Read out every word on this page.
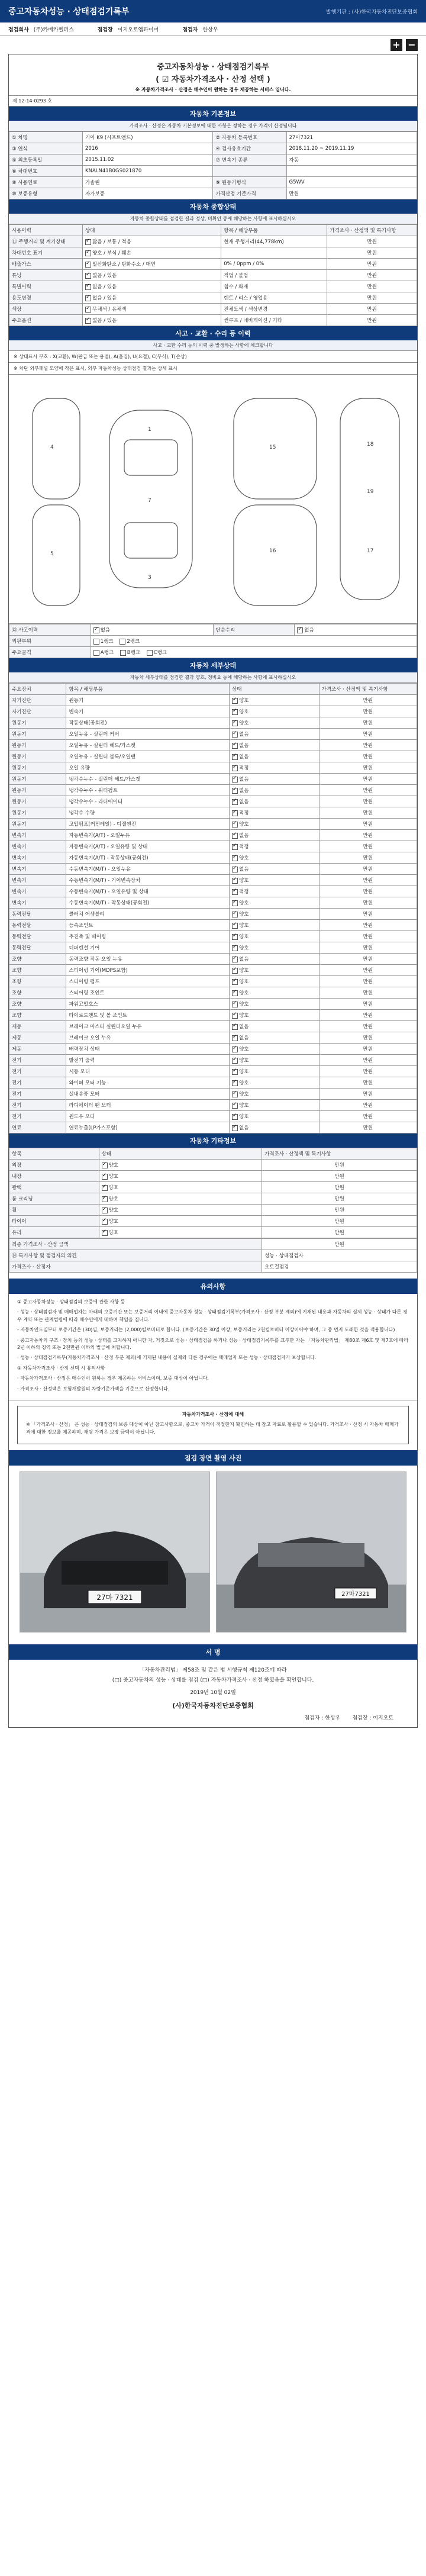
중고자동차성능 · 상태점검기록부	발행기관 : (사)한국자동차진단보증협회
점검회사 (주)카베카헬퍼스	점검장 이지오토엠파이어	점검자 한상우
+ −
중고자동차성능 · 상태점검기록부
( ☑ 자동차가격조사 · 산정 선택 )
※ 자동차가격조사 · 산정은 매수인이 원하는 경우 제공하는 서비스 입니다.
제 12-14-0293 호
자동차 기본정보
가격조사 · 산정은 자동차 기본정보에 대한 사항은 정하는 경우 가격이 산정됨니다
① 차명	기아 K9 (시프트앤드)	② 자동차 등록번호	27마7321
③ 연식	2016	④ 검사유효기간	2018.11.20 ~ 2019.11.19
⑤ 최초등록일	2015.11.02	⑦ 변속기 종류	자동
⑥ 차대번호	KNALN41B0GS021870		
⑧ 사용연료	가솔린	⑨ 원동기형식	G5WV
⑩ 보증유형	자가보증	가격산정 기준가격	만원
자동차 종합상태
자동차 종합상태를 점검한 결과 정상, 미확인 등에 해당하는 사항에 표시하십시오
사용이력	상태	항목 / 해당부품	가격조사 · 산정액 및 특기사항
⑪ 주행거리 및 계기상태	✓많음 / 보통 / 적음	현재 주행거리(44,778km)	만원
차대번호 표기	✓양호 / 부식 / 훼손		만원
배출가스	✓일산화탄소 / 탄화수소 / 매연	0% / 0ppm / 0%	만원
튜닝	✓없음 / 있음	적법 / 불법	만원
특별이력	✓없음 / 있음	침수 / 화재	만원
용도변경	✓없음 / 있음	렌트 / 리스 / 영업용	만원
색상	✓무채색 / 유채색	전체도색 / 색상변경	만원
주요옵션	✓없음 / 있음	썬루프 / 네비게이션 / 기타	만원
사고 · 교환 · 수리 등 이력
사고 · 교환 수리 등의 이력 중 발생하는 사항에 체크합니다
※ 상태표시 부호 : X(교환), W(판금 또는 용접), A(흠집), U(요철), C(부식), T(손상)
※ 차단 외부패널 모양에 작은 표시, 외부 자동차성능 상태점검 결과는 상세 표시
1
7
3
15
16
18
19
17
4
5
⑫ 사고이력	✓없음	단순수리	✓없음
외판부위	1랭크 2랭크		
주요골격	A랭크 B랭크 C랭크		
자동차 세부상태
자동차 세부상태를 점검한 결과 양호, 정비요 등에 해당하는 사항에 표시하십시오
주요장치	항목 / 해당부품	상태	가격조사 · 산정액 및 특기사항
자기진단	원동기	✓양호	만원
자기진단	변속기	✓양호	만원
원동기	작동상태(공회전)	✓양호	만원
원동기	오일누유 - 실린더 커버	✓없음	만원
원동기	오일누유 - 실린더 헤드/가스켓	✓없음	만원
원동기	오일누유 - 실린더 블록/오일팬	✓없음	만원
원동기	오일 유량	✓적정	만원
원동기	냉각수누수 - 실린더 헤드/가스켓	✓없음	만원
원동기	냉각수누수 - 워터펌프	✓없음	만원
원동기	냉각수누수 - 라디에이터	✓없음	만원
원동기	냉각수 수량	✓적정	만원
원동기	고압펌프(커먼레일) - 디젤엔진	✓양호	만원
변속기	자동변속기(A/T) - 오일누유	✓없음	만원
변속기	자동변속기(A/T) - 오일유량 및 상태	✓적정	만원
변속기	자동변속기(A/T) - 작동상태(공회전)	✓양호	만원
변속기	수동변속기(M/T) - 오일누유	✓없음	만원
변속기	수동변속기(M/T) - 기어변속장치	✓양호	만원
변속기	수동변속기(M/T) - 오일유량 및 상태	✓적정	만원
변속기	수동변속기(M/T) - 작동상태(공회전)	✓양호	만원
동력전달	클러치 어셈블리	✓양호	만원
동력전달	등속조인트	✓양호	만원
동력전달	추진축 및 베어링	✓양호	만원
동력전달	디퍼렌셜 기어	✓양호	만원
조향	동력조향 작동 오일 누유	✓없음	만원
조향	스티어링 기어(MDPS포함)	✓양호	만원
조향	스티어링 펌프	✓양호	만원
조향	스티어링 조인트	✓양호	만원
조향	파워고압호스	✓양호	만원
조향	타이로드엔드 및 볼 조인트	✓양호	만원
제동	브레이크 마스터 실린더오일 누유	✓없음	만원
제동	브레이크 오일 누유	✓없음	만원
제동	배력장치 상태	✓양호	만원
전기	발전기 출력	✓양호	만원
전기	시동 모터	✓양호	만원
전기	와이퍼 모터 기능	✓양호	만원
전기	실내송풍 모터	✓양호	만원
전기	라디에이터 팬 모터	✓양호	만원
전기	윈도우 모터	✓양호	만원
연료	연료누출(LP가스포함)	✓없음	만원
자동차 기타정보
항목	상태	가격조사 · 산정액 및 특기사항
외장	✓양호	만원
내장	✓양호	만원
광택	✓양호	만원
룸 크리닝	✓양호	만원
휠	✓양호	만원
타이어	✓양호	만원
유리	✓양호	만원
최종 가격조사 · 산정 금액	만원
⑭ 특기사항 및 점검자의 의견	성능 · 상태점검자
가격조사 · 산정자	오토걸점검
유의사항

① 중고자동차성능 · 상태점검의 보증에 관한 사항 등

· 성능 · 상태점검자 및 매매업자는 아래의 보증기간 또는 보증거리 이내에 중고자동차 성능 · 상태점검기록부(가격조사 · 산정 부분 제외)에 기재된 내용과 자동차의 실제 성능 · 상태가 다른 경우 계약 또는 관계법령에 따라 매수인에게 대하여 책임을 집니다.

- 자동차인도일부터 보증기간은 (30)일, 보증거리는 (2,000)킬로미터로 합니다. (보증기간은 30일 이상, 보증거리는 2천킬로미터 이상이어야 하며, 그 중 먼저 도래한 것을 적용합니다)

· 중고자동차의 구조 · 장치 등의 성능 · 상태를 고지하지 아니한 자, 거짓으로 성능 · 상태점검을 하거나 성능 · 상태점검기록부를 교부한 자는 「자동차관리법」 제80조 제6호 및 제7호에 따라 2년 이하의 징역 또는 2천만원 이하의 벌금에 처합니다.

· 성능 · 상태점검기록부(자동차가격조사 · 산정 부분 제외)에 기재된 내용이 실제와 다른 경우에는 매매업자 또는 성능 · 상태점검자가 보상합니다.

② 자동차가격조사 · 산정 선택 시 유의사항

· 자동차가격조사 · 산정은 매수인이 원하는 경우 제공하는 서비스이며, 보증 대상이 아닙니다.

· 가격조사 · 산정액은 보험개발원의 차량기준가액을 기준으로 산정합니다.

자동차가격조사 · 산정에 대해

※ 「가격조사 · 산정」 은 성능 · 상태점검의 보증 대상이 아닌 참고사항으로, 중고차 가격이 적절한지 확인하는 데 참고 자료로 활용할 수 있습니다. 가격조사 · 산정 시 자동차 매매가격에 대한 정보를 제공하며, 해당 가격은 보장 금액이 아닙니다.

점검 장면 촬영 사진
27마 7321	27마7321
서 명
「자동차관리법」 제58조 및 같은 법 시행규칙 제120조에 따라
(□) 중고자동차의 성능 · 상태를 점검 (□) 자동차가격조사 · 산정 하였음을 확인합니다.
2019년 10월 02일
(사)한국자동차진단보증협회
점검자 : 한상우 점검장 : 이지오토
